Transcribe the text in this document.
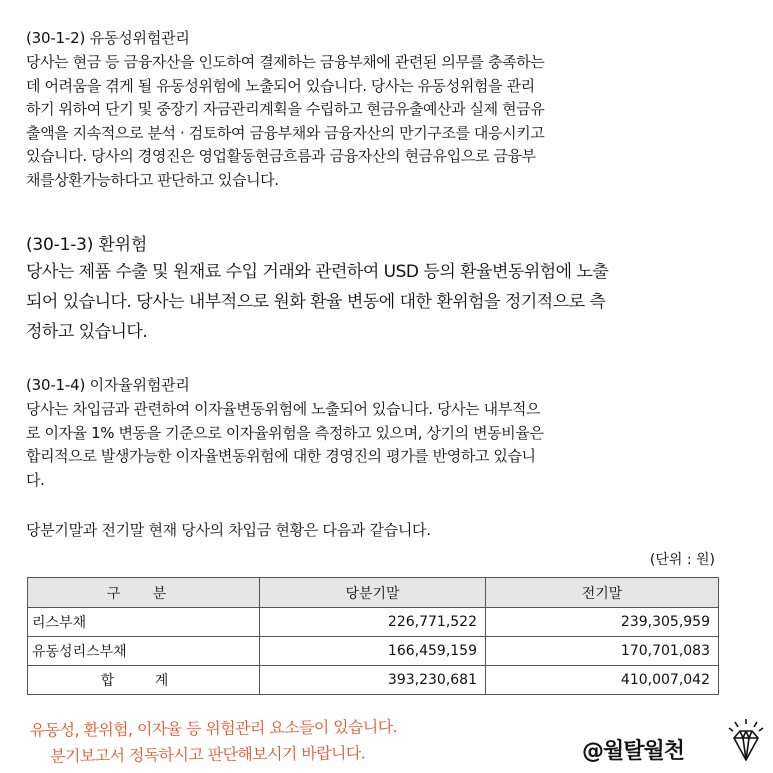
(30-1-2) 유동성위험관리
당사는 현금 등 금융자산을 인도하여 결제하는 금융부채에 관련된 의무를 충족하는
데 어려움을 겪게 될 유동성위험에 노출되어 있습니다. 당사는 유동성위험을 관리
하기 위하여 단기 및 중장기 자금관리계획을 수립하고 현금유출예산과 실제 현금유
출액을 지속적으로 분석 · 검토하여 금융부채와 금융자산의 만기구조를 대응시키고
있습니다. 당사의 경영진은 영업활동현금흐름과 금융자산의 현금유입으로 금융부
채를상환가능하다고 판단하고 있습니다.
(30-1-3) 환위험
당사는 제품 수출 및 원재료 수입 거래와 관련하여 USD 등의 환율변동위험에 노출
되어 있습니다. 당사는 내부적으로 원화 환율 변동에 대한 환위험을 정기적으로 측
정하고 있습니다.
(30-1-4) 이자율위험관리
당사는 차입금과 관련하여 이자율변동위험에 노출되어 있습니다. 당사는 내부적으
로 이자율 1% 변동을 기준으로 이자율위험을 측정하고 있으며, 상기의 변동비율은
합리적으로 발생가능한 이자율변동위험에 대한 경영진의 평가를 반영하고 있습니
다.
당분기말과 전기말 현재 당사의 차입금 현황은 다음과 같습니다.
(단위 : 원)
구 분	당분기말	전기말
리스부채	226,771,522	239,305,959
유동성리스부채	166,459,159	170,701,083
합 계	393,230,681	410,007,042
유동성, 환위험, 이자율 등 위험관리 요소들이 있습니다.
분기보고서 정독하시고 판단해보시기 바랍니다.	@월탈월천
